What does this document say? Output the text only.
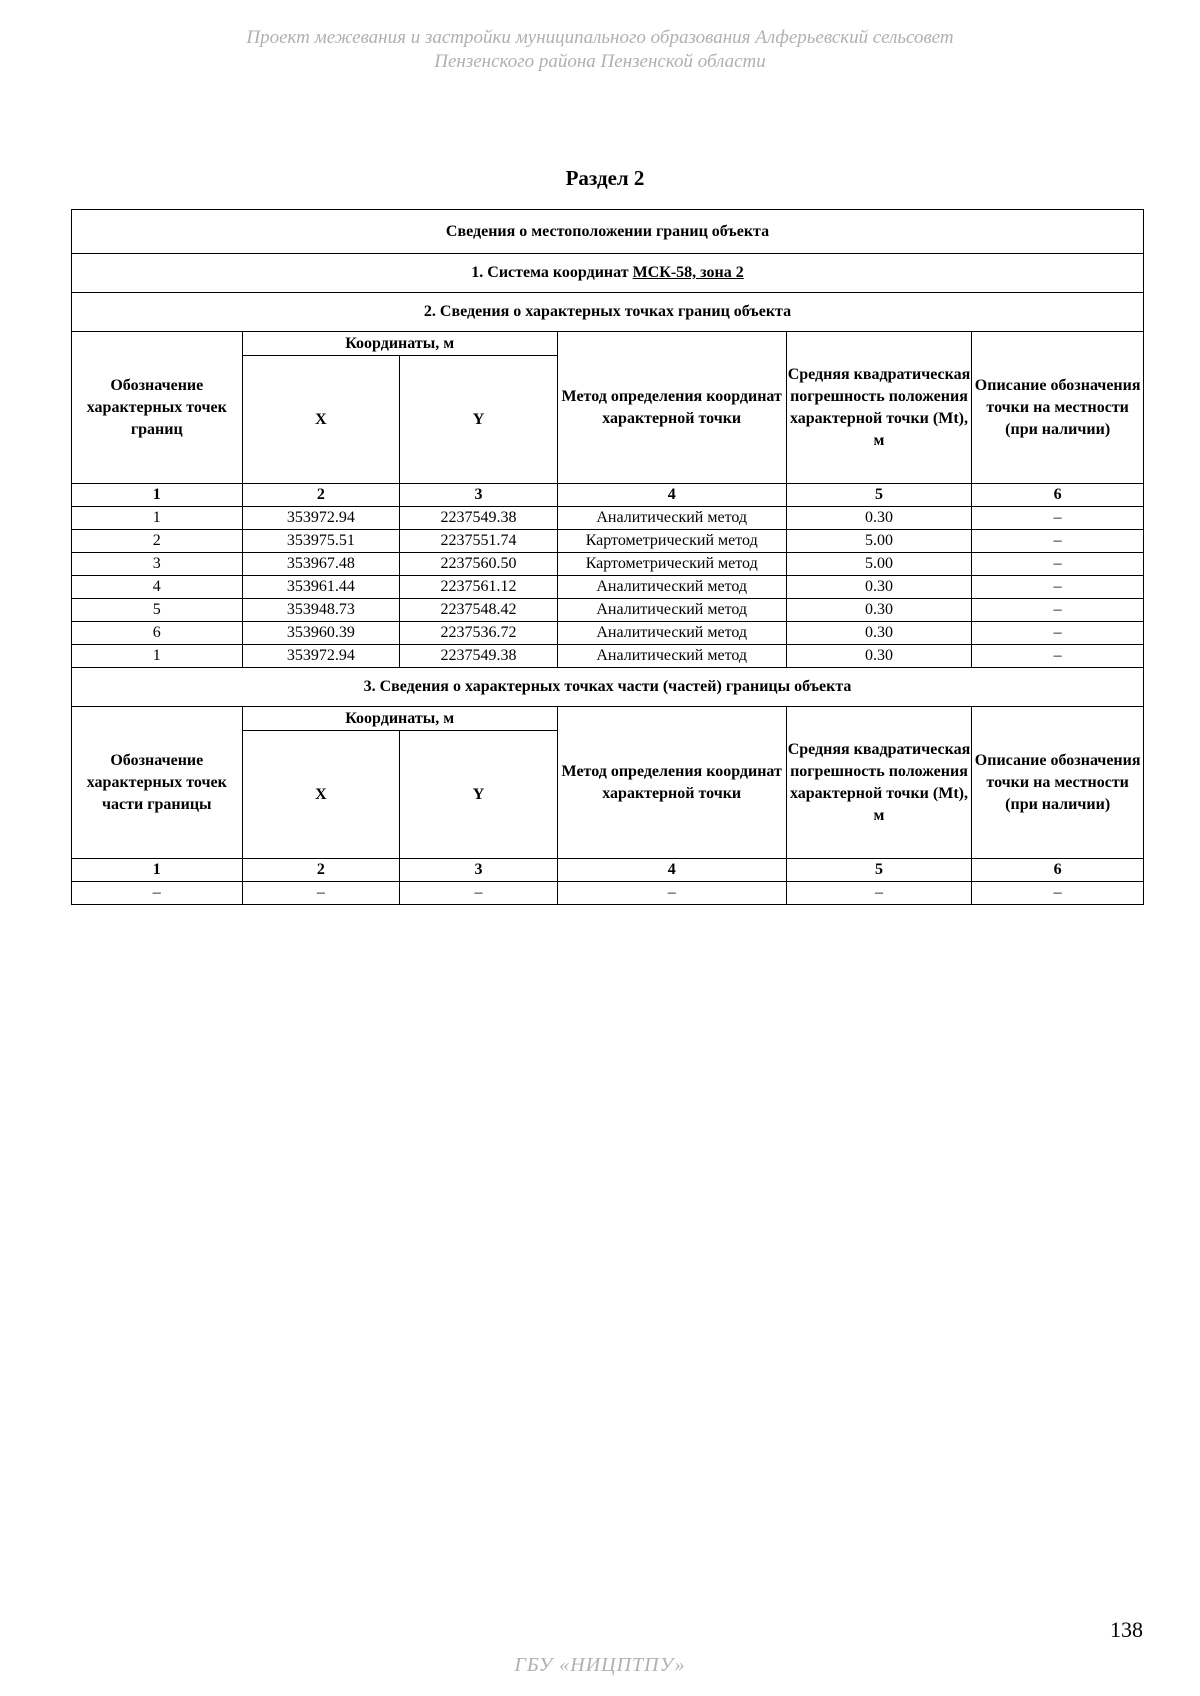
Проект межевания и застройки муниципального образования Алферьевский сельсовет
Пензенского района Пензенской области
Раздел 2
Сведения о местоположении границ объекта					
1. Система координат МСК-58, зона 2					
2. Сведения о характерных точках границ объекта					
Обозначение характерных точек границ	Координаты, м		Метод определения координат характерной точки	Средняя квадратическая погрешность положения характерной точки (Mt), м	Описание обозначения точки на местности (при наличии)
	X	Y			
1	2	3	4	5	6
1	353972.94	2237549.38	Аналитический метод	0.30	–
2	353975.51	2237551.74	Картометрический метод	5.00	–
3	353967.48	2237560.50	Картометрический метод	5.00	–
4	353961.44	2237561.12	Аналитический метод	0.30	–
5	353948.73	2237548.42	Аналитический метод	0.30	–
6	353960.39	2237536.72	Аналитический метод	0.30	–
1	353972.94	2237549.38	Аналитический метод	0.30	–
3. Сведения о характерных точках части (частей) границы объекта					
Обозначение характерных точек части границы	Координаты, м		Метод определения координат характерной точки	Средняя квадратическая погрешность положения характерной точки (Mt), м	Описание обозначения точки на местности (при наличии)
	X	Y			
1	2	3	4	5	6
–	–	–	–	–	–
138
ГБУ «НИЦПТПУ»
